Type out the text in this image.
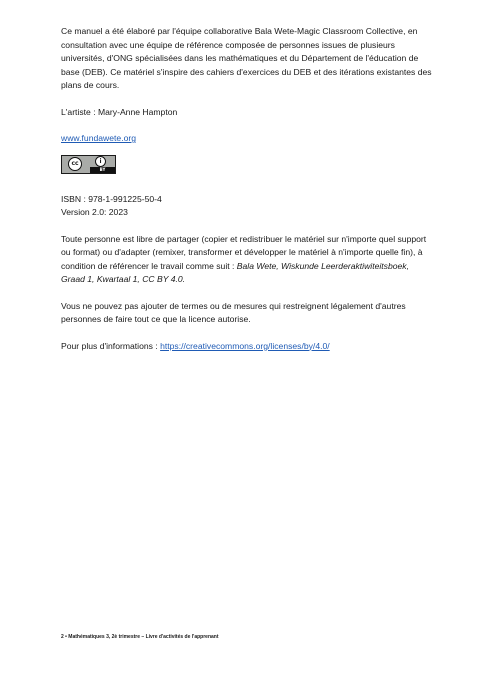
Ce manuel a été élaboré par l'équipe collaborative Bala Wete-Magic Classroom Collective, en consultation avec une équipe de référence composée de personnes issues de plusieurs universités, d'ONG spécialisées dans les mathématiques et du Département de l'éducation de base (DEB). Ce matériel s'inspire des cahiers d'exercices du DEB et des itérations existantes des plans de cours.

L'artiste : Mary-Anne Hampton

www.fundawete.org
cc	i
BY

ISBN : 978-1-991225-50-4
Version 2.0: 2023

Toute personne est libre de partager (copier et redistribuer le matériel sur n'importe quel support ou format) ou d'adapter (remixer, transformer et développer le matériel à n'importe quelle fin), à condition de référencer le travail comme suit : Bala Wete, Wiskunde Leerderaktiwiteitsboek, Graad 1, Kwartaal 1, CC BY 4.0.

Vous ne pouvez pas ajouter de termes ou de mesures qui restreignent légalement d'autres personnes de faire tout ce que la licence autorise.

Pour plus d'informations : https://creativecommons.org/licenses/by/4.0/

2 • Mathématiques 3, 2è trimestre – Livre d'activités de l'apprenant
